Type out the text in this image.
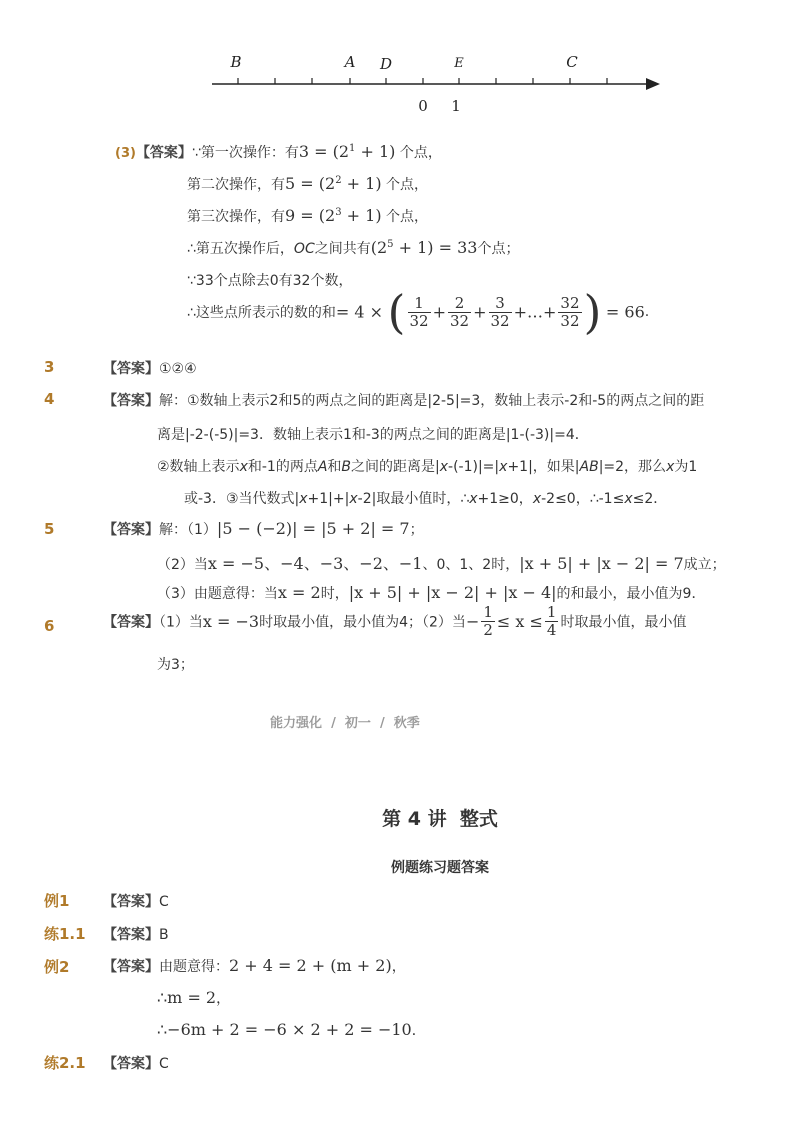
B	A D	E	C
0 1
(3)【答案】∵第一次操作：有$3 = (2^1 + 1)$ 个点，
第二次操作，有$5 = (2^2 + 1)$ 个点，
第三次操作，有$9 = (2^3 + 1)$ 个点，
∴第五次操作后，OC之间共有$(2^5 + 1) = 33$个点；
∵33个点除去0有32个数，
∴这些点所表示的数的和= 4 × ( $\frac{1}{32} + \frac{2}{32} + \frac{3}{32}$ +…+ $\frac{32}{32}$ ) = 66.
3	【答案】①②④
4	【答案】解：①数轴上表示2和5的两点之间的距离是|2-5|=3，数轴上表示-2和-5的两点之间的距
离是|-2-(-5)|=3．数轴上表示1和-3的两点之间的距离是|1-(-3)|=4．
②数轴上表示x和-1的两点A和B之间的距离是|x-(-1)|=|x+1|，如果|AB|=2，那么x为1
或-3．③当代数式|x+1|+|x-2|取最小值时，∴x+1≥0，x-2≤0，∴-1≤x≤2．
5	【答案】解：（1）|5 − (−2)| = |5 + 2| = 7；
（2）当x = −5、−4、−3、−2、−1、0、1、2时，|x + 5| + |x − 2| = 7成立；
（3）由题意得：当x = 2时，|x + 5| + |x − 2| + |x − 4|的和最小，最小值为9．
6	【答案】（1）当x = −3时取最小值，最小值为4；（2）当− $\frac{1}{2} \le x \le \frac{1}{4}$ 时取最小值，最小值
为3；
能力强化 / 初一 / 秋季
第 4 讲  整式
例题练习题答案
例1 【答案】C
练1.1 【答案】B
例2 【答案】由题意得：2 + 4 = 2 + (m + 2)，
∴m = 2，
∴−6m + 2 = −6 × 2 + 2 = −10．
练2.1 【答案】C
